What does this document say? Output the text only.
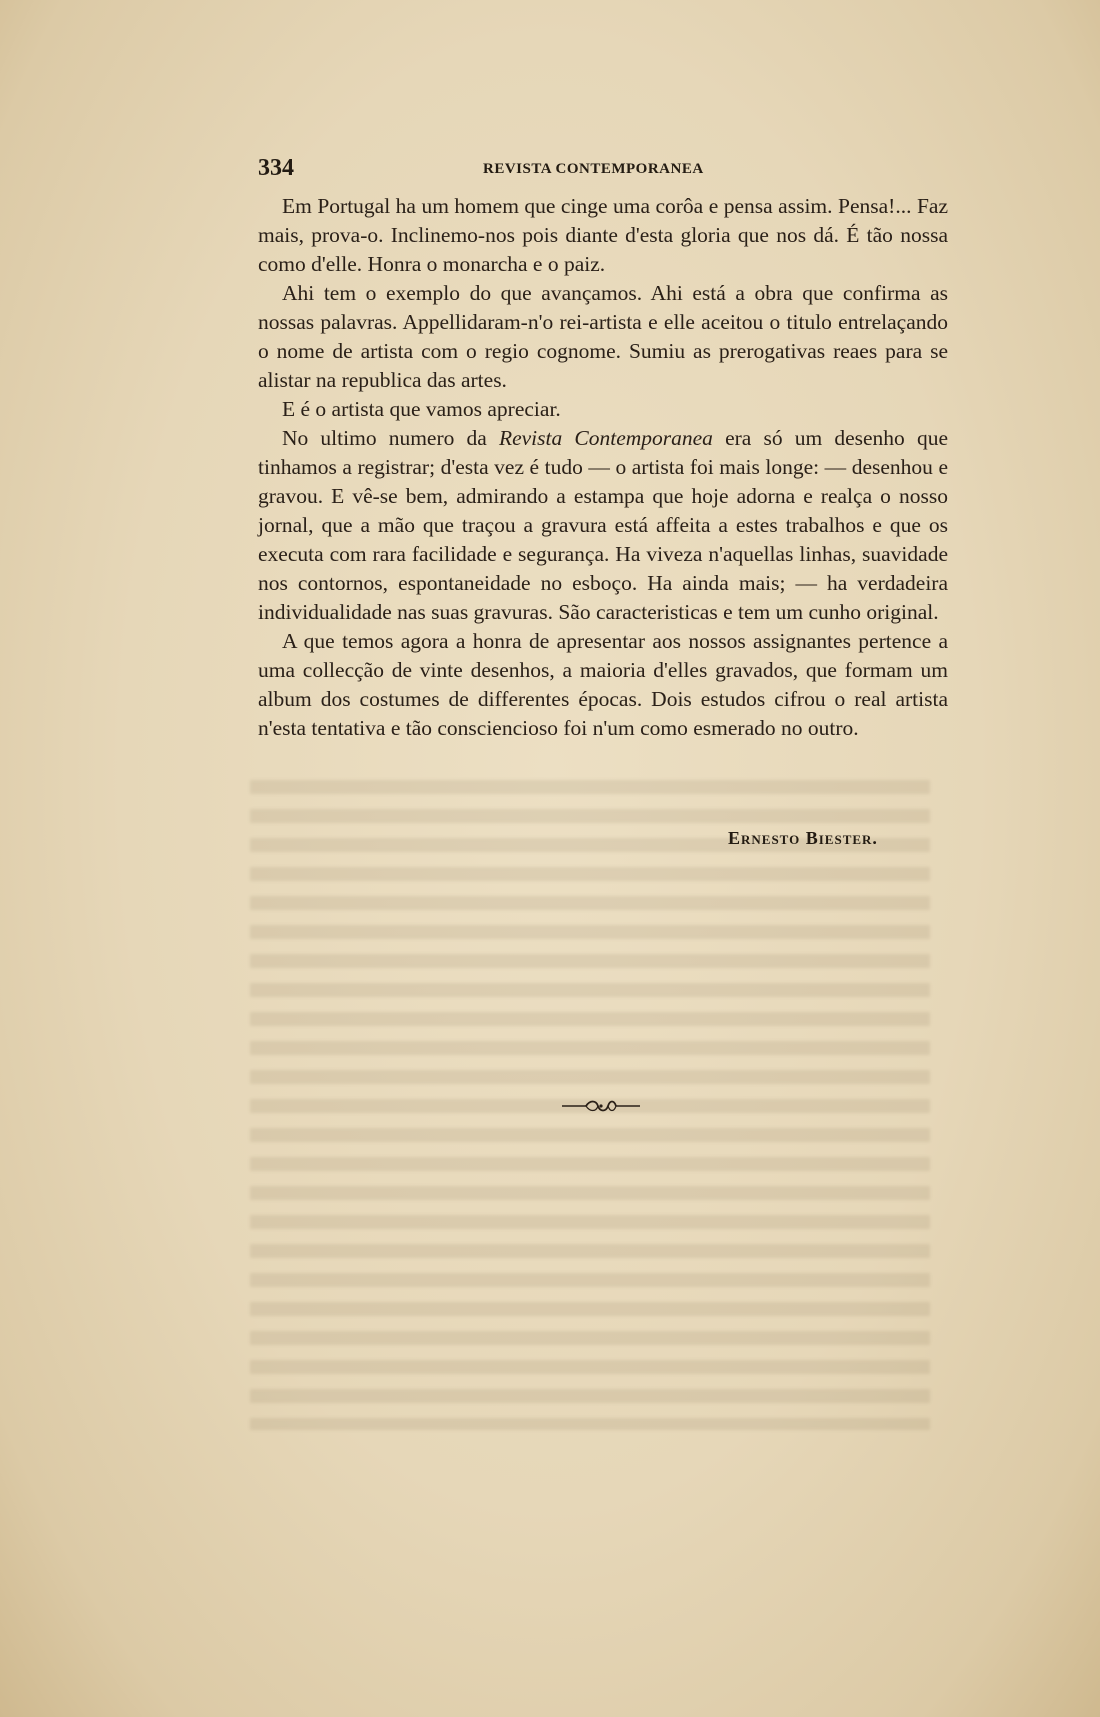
334	REVISTA CONTEMPORANEA

Em Portugal ha um homem que cinge uma corôa e pensa assim. Pensa!... Faz mais, prova-o. Inclinemo-nos pois diante d'esta gloria que nos dá. É tão nossa como d'elle. Honra o monarcha e o paiz.

Ahi tem o exemplo do que avançamos. Ahi está a obra que confirma as nossas palavras. Appellidaram-n'o rei-artista e elle aceitou o titulo entrelaçando o nome de artista com o regio cognome. Sumiu as prerogativas reaes para se alistar na republica das artes.

E é o artista que vamos apreciar.

No ultimo numero da Revista Contemporanea era só um desenho que tinhamos a registrar; d'esta vez é tudo — o artista foi mais longe: — desenhou e gravou. E vê-se bem, admirando a estampa que hoje adorna e realça o nosso jornal, que a mão que traçou a gravura está affeita a estes trabalhos e que os executa com rara facilidade e segurança. Ha viveza n'aquellas linhas, suavidade nos contornos, espontaneidade no esboço. Ha ainda mais; — ha verdadeira individualidade nas suas gravuras. São caracteristicas e tem um cunho original.

A que temos agora a honra de apresentar aos nossos assignantes pertence a uma collecção de vinte desenhos, a maioria d'elles gravados, que formam um album dos costumes de differentes épocas. Dois estudos cifrou o real artista n'esta tentativa e tão consciencioso foi n'um como esmerado no outro.

Ernesto Biester.
